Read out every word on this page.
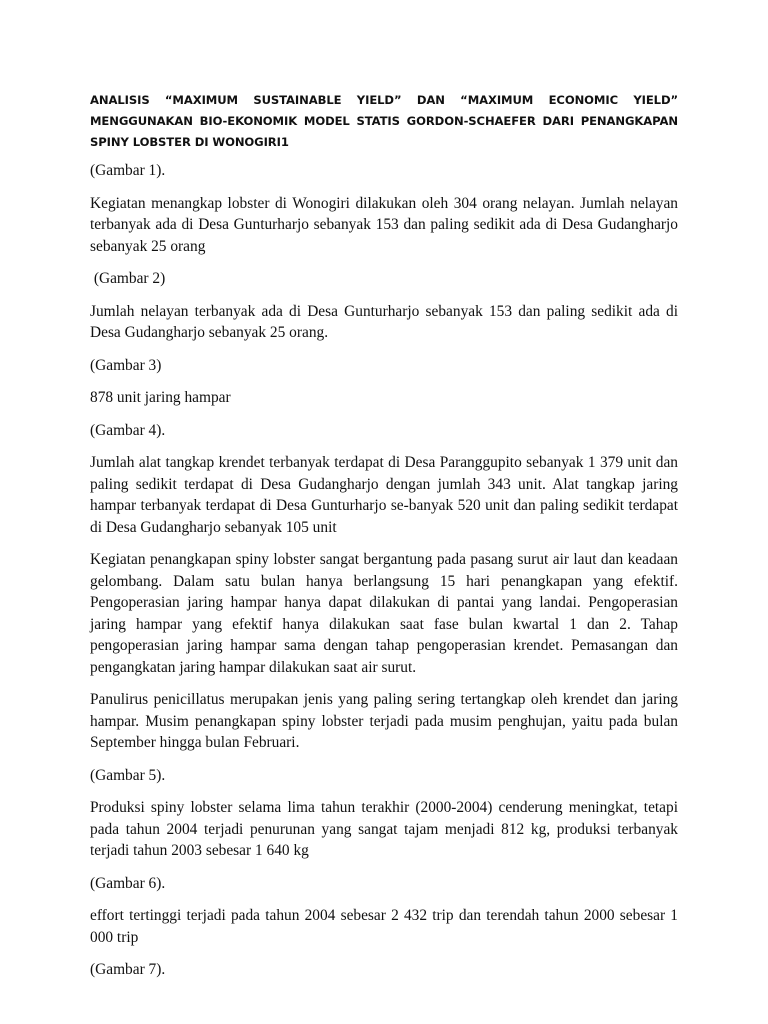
ANALISIS “MAXIMUM SUSTAINABLE YIELD” DAN “MAXIMUM ECONOMIC YIELD” MENGGUNAKAN BIO-EKONOMIK MODEL STATIS GORDON-SCHAEFER DARI PENANGKAPAN SPINY LOBSTER DI WONOGIRI1
(Gambar 1).
Kegiatan menangkap lobster di Wonogiri dilakukan oleh 304 orang nelayan. Jumlah nelayan terbanyak ada di Desa Gunturharjo sebanyak 153 dan paling sedikit ada di Desa Gudangharjo sebanyak 25 orang
(Gambar 2)
Jumlah nelayan terbanyak ada di Desa Gunturharjo sebanyak 153 dan paling sedikit ada di Desa Gudangharjo sebanyak 25 orang.
(Gambar 3)
878 unit jaring hampar
(Gambar 4).
Jumlah alat tangkap krendet terbanyak terdapat di Desa Paranggupito sebanyak 1 379 unit dan paling sedikit terdapat di Desa Gudangharjo dengan jumlah 343 unit. Alat tangkap jaring hampar terbanyak terdapat di Desa Gunturharjo se-banyak 520 unit dan paling sedikit terdapat di Desa Gudangharjo sebanyak 105 unit
Kegiatan penangkapan spiny lobster sangat bergantung pada pasang surut air laut dan keadaan gelombang. Dalam satu bulan hanya berlangsung 15 hari penangkapan yang efektif. Pengoperasian jaring hampar hanya dapat dilakukan di pantai yang landai. Pengoperasian jaring hampar yang efektif hanya dilakukan saat fase bulan kwartal 1 dan 2. Tahap pengoperasian jaring hampar sama dengan tahap pengoperasian krendet. Pemasangan dan pengangkatan jaring hampar dilakukan saat air surut.
Panulirus penicillatus merupakan jenis yang paling sering tertangkap oleh krendet dan jaring hampar. Musim penangkapan spiny lobster terjadi pada musim penghujan, yaitu pada bulan September hingga bulan Februari.
(Gambar 5).
Produksi spiny lobster selama lima tahun terakhir (2000-2004) cenderung meningkat, tetapi pada tahun 2004 terjadi penurunan yang sangat tajam menjadi 812 kg, produksi terbanyak terjadi tahun 2003 sebesar 1 640 kg
(Gambar 6).
effort tertinggi terjadi pada tahun 2004 sebesar 2 432 trip dan terendah tahun 2000 sebesar 1 000 trip
(Gambar 7).
